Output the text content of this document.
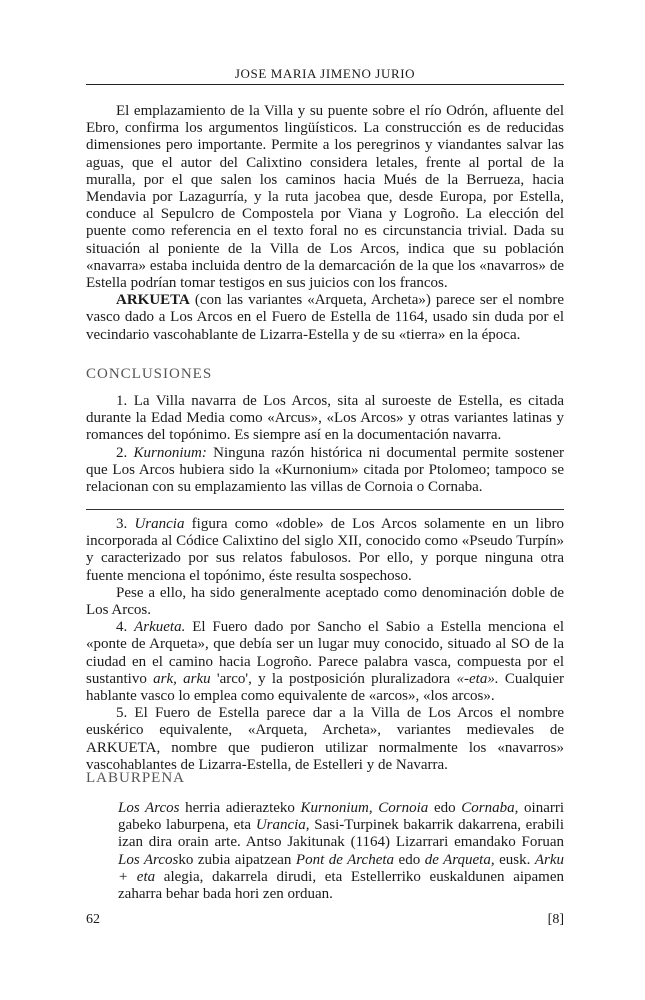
JOSE MARIA JIMENO JURIO

El emplazamiento de la Villa y su puente sobre el río Odrón, afluente del Ebro, confirma los argumentos lingüísticos. La construcción es de reducidas dimensiones pero importante. Permite a los peregrinos y viandantes salvar las aguas, que el autor del Calixtino considera letales, frente al portal de la muralla, por el que salen los caminos hacia Mués de la Berrueza, hacia Mendavia por Lazagurría, y la ruta jacobea que, desde Europa, por Estella, conduce al Sepulcro de Compostela por Viana y Logroño. La elección del puente como referencia en el texto foral no es circunstancia trivial. Dada su situación al poniente de la Villa de Los Arcos, indica que su población «navarra» estaba incluida dentro de la demarcación de la que los «navarros» de Estella podrían tomar testigos en sus juicios con los francos.

ARKUETA (con las variantes «Arqueta, Archeta») parece ser el nombre vasco dado a Los Arcos en el Fuero de Estella de 1164, usado sin duda por el vecindario vascohablante de Lizarra-Estella y de su «tierra» en la época.

CONCLUSIONES

1. La Villa navarra de Los Arcos, sita al suroeste de Estella, es citada durante la Edad Media como «Arcus», «Los Arcos» y otras variantes latinas y romances del topónimo. Es siempre así en la documentación navarra.

2. Kurnonium: Ninguna razón histórica ni documental permite sostener que Los Arcos hubiera sido la «Kurnonium» citada por Ptolomeo; tampoco se relacionan con su emplazamiento las villas de Cornoia o Cornaba.

3. Urancia figura como «doble» de Los Arcos solamente en un libro incorporada al Códice Calixtino del siglo XII, conocido como «Pseudo Turpín» y caracterizado por sus relatos fabulosos. Por ello, y porque ninguna otra fuente menciona el topónimo, éste resulta sospechoso.

Pese a ello, ha sido generalmente aceptado como denominación doble de Los Arcos.

4. Arkueta. El Fuero dado por Sancho el Sabio a Estella menciona el «ponte de Arqueta», que debía ser un lugar muy conocido, situado al SO de la ciudad en el camino hacia Logroño. Parece palabra vasca, compuesta por el sustantivo ark, arku 'arco', y la postposición pluralizadora «-eta». Cualquier hablante vasco lo emplea como equivalente de «arcos», «los arcos».

5. El Fuero de Estella parece dar a la Villa de Los Arcos el nombre euskérico equivalente, «Arqueta, Archeta», variantes medievales de ARKUETA, nombre que pudieron utilizar normalmente los «navarros» vascohablantes de Lizarra-Estella, de Estelleri y de Navarra.

LABURPENA

Los Arcos herria adierazteko Kurnonium, Cornoia edo Cornaba, oinarri gabeko laburpena, eta Urancia, Sasi-Turpinek bakarrik dakarrena, erabili izan dira orain arte. Antso Jakitunak (1164) Lizarrari emandako Foruan Los Arcosko zubia aipatzean Pont de Archeta edo de Arqueta, eusk. Arku + eta alegia, dakarrela dirudi, eta Estellerriko euskaldunen aipamen zaharra behar bada hori zen orduan.

62	[8]
